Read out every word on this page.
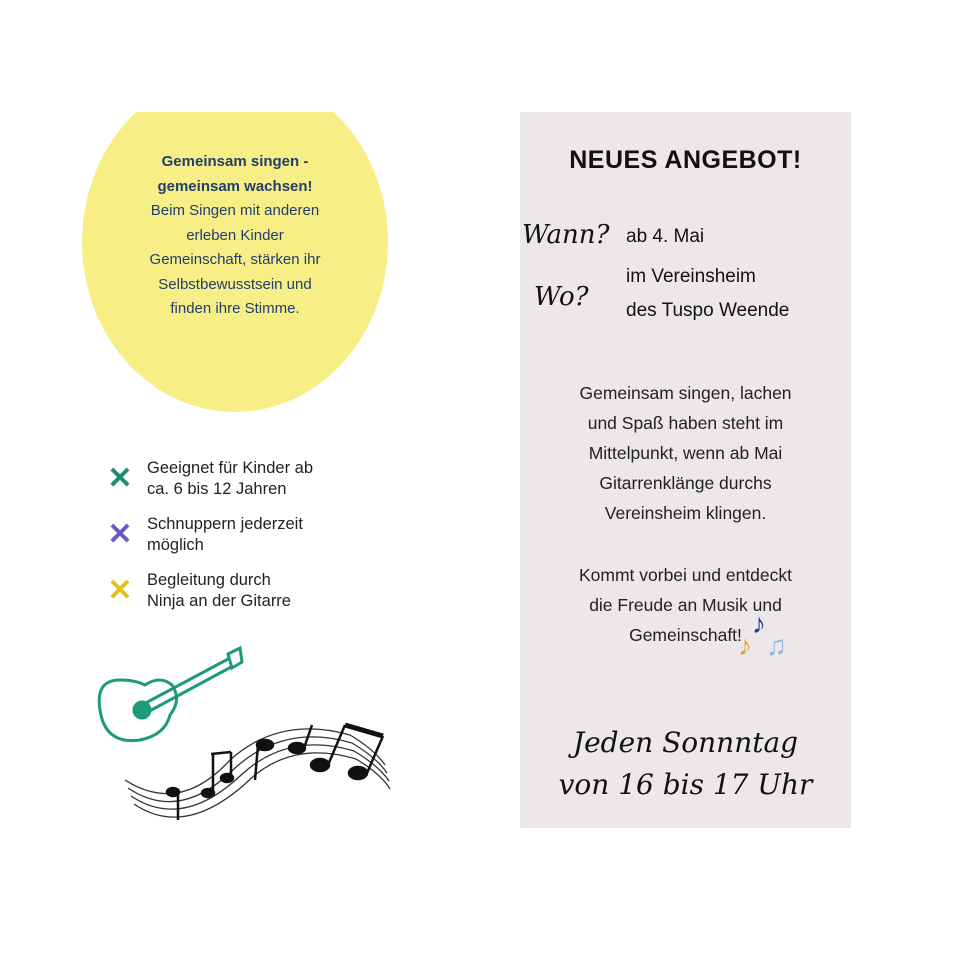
Gemeinsam singen -
gemeinsam wachsen!
Beim Singen mit anderen
erleben Kinder
Gemeinschaft, stärken ihr
Selbstbewusstsein und
finden ihre Stimme.
✕ Geeignet für Kinder ab
ca. 6 bis 12 Jahren
✕ Schnuppern jederzeit
möglich
✕ Begleitung durch
Ninja an der Gitarre
NEUES ANGEBOT!
Wann? ab 4. Mai
Wo?
im Vereinsheim
des Tuspo Weende
Gemeinsam singen, lachen
und Spaß haben steht im
Mittelpunkt, wenn ab Mai
Gitarrenklänge durchs
Vereinsheim klingen.
Kommt vorbei und entdeckt
die Freude an Musik und
Gemeinschaft!
Jeden Sonnntag
von 16 bis 17 Uhr
♪♪♫
